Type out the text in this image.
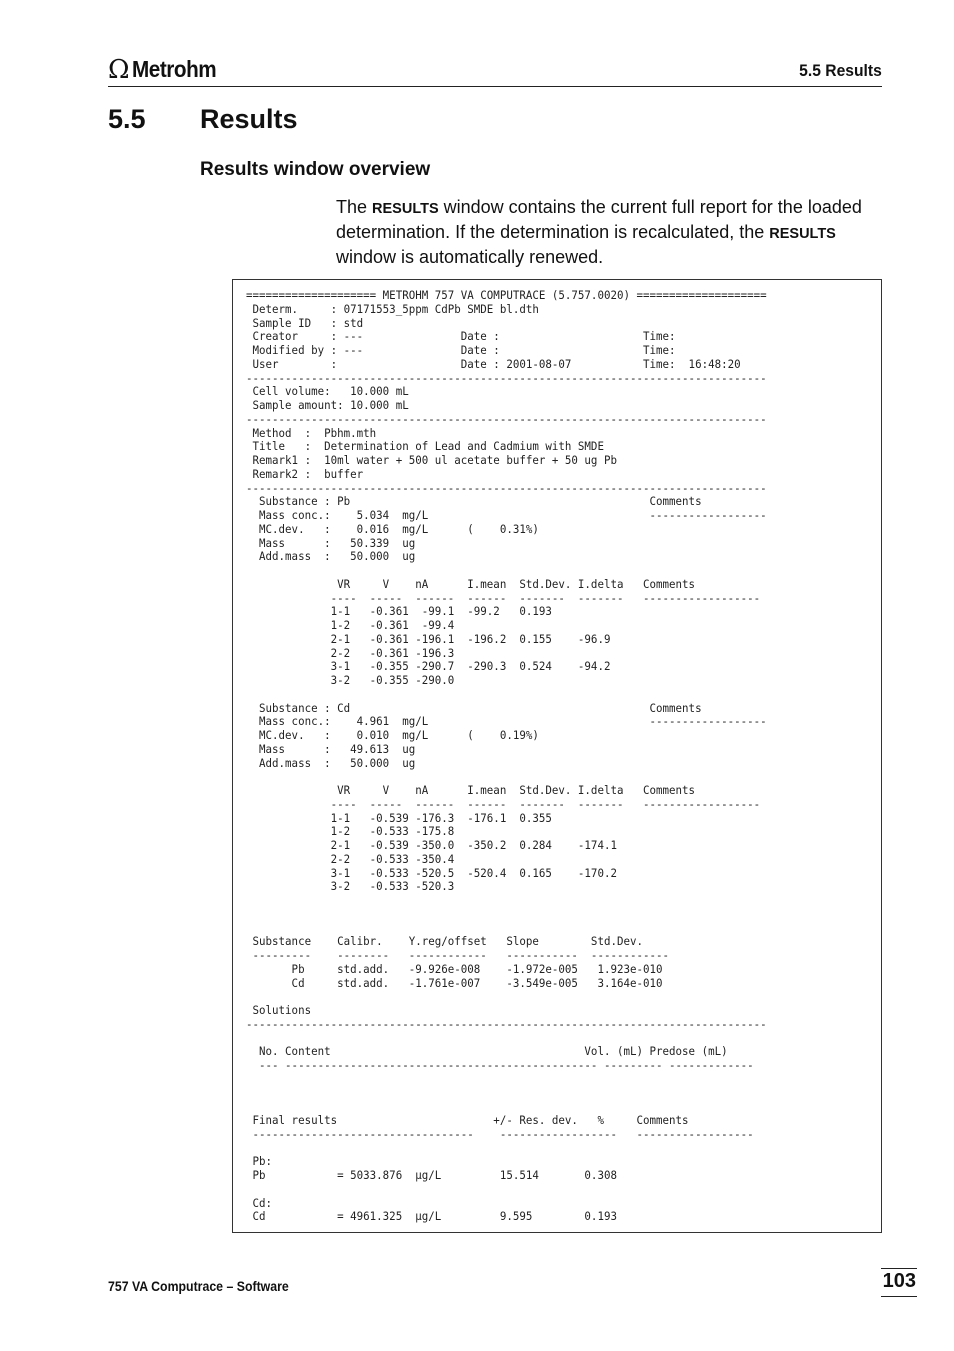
Ω Metrohm	5.5 Results
5.5	Results
Results window overview
The RESULTS window contains the current full report for the loaded determination. If the determination is recalculated, the RESULTS window is automatically renewed.
==================== METROHM 757 VA COMPUTRACE (5.757.0020) ====================
Determ.     : 07171553_5ppm CdPb SMDE bl.dth
Sample ID   : std
Creator     : ---               Date :                      Time:
Modified by : ---               Date :                      Time:
User        :                   Date : 2001-08-07           Time:  16:48:20
--------------------------------------------------------------------------------
Cell volume:   10.000 mL
Sample amount: 10.000 mL
--------------------------------------------------------------------------------
Method  :  Pbhm.mth
Title   :  Determination of Lead and Cadmium with SMDE
Remark1 :  10ml water + 500 ul acetate buffer + 50 ug Pb
Remark2 :  buffer
--------------------------------------------------------------------------------
Substance : Pb                                              Comments
Mass conc.:    5.034  mg/L                                  ------------------
MC.dev.   :    0.016  mg/L      (    0.31%)
Mass      :   50.339  ug
Add.mass  :   50.000  ug

VR     V    nA      I.mean  Std.Dev. I.delta   Comments
----  -----  ------  ------  -------  -------   ------------------
1-1   -0.361  -99.1  -99.2   0.193
1-2   -0.361  -99.4
2-1   -0.361 -196.1  -196.2  0.155    -96.9
2-2   -0.361 -196.3
3-1   -0.355 -290.7  -290.3  0.524    -94.2
3-2   -0.355 -290.0

Substance : Cd                                              Comments
Mass conc.:    4.961  mg/L                                  ------------------
MC.dev.   :    0.010  mg/L      (    0.19%)
Mass      :   49.613  ug
Add.mass  :   50.000  ug

VR     V    nA      I.mean  Std.Dev. I.delta   Comments
----  -----  ------  ------  -------  -------   ------------------
1-1   -0.539 -176.3  -176.1  0.355
1-2   -0.533 -175.8
2-1   -0.539 -350.0  -350.2  0.284    -174.1
2-2   -0.533 -350.4
3-1   -0.533 -520.5  -520.4  0.165    -170.2
3-2   -0.533 -520.3

Substance    Calibr.    Y.reg/offset   Slope        Std.Dev.
---------    --------   ------------   -----------  ------------
Pb     std.add.   -9.926e-008    -1.972e-005   1.923e-010
Cd     std.add.   -1.761e-007    -3.549e-005   3.164e-010

Solutions
--------------------------------------------------------------------------------

No. Content                                       Vol. (mL) Predose (mL)
--- ------------------------------------------------ --------- -------------

Final results                        +/- Res. dev.   %     Comments
----------------------------------    ------------------   ------------------

Pb:
Pb           = 5033.876  µg/L         15.514       0.308

Cd:
Cd           = 4961.325  µg/L         9.595        0.193
757 VA Computrace – Software	103
